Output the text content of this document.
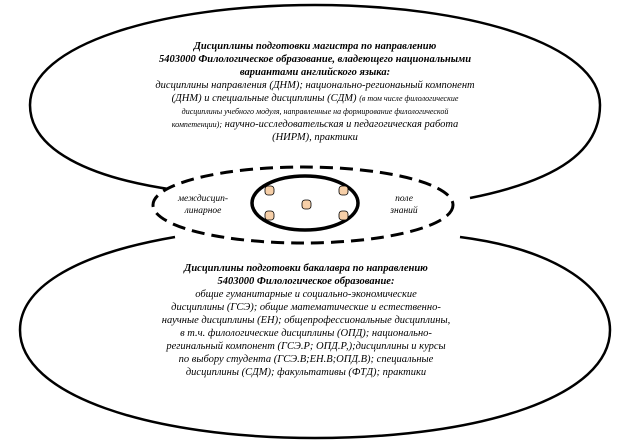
Дисциплины подготовки магистра по направлению
5403000 Филологическое образование, владеющего национальными
вариантами английского языка:
дисциплины направления (ДНМ); национально-регионаьный компонент
(ДНМ) и специальные дисциплины (СДМ) (в том числе филологические
дисциплины учебного модуля, направленные на формирование филологической
компетенции); научно-исследовательская и педагогическая работа
(НИРМ), практики
междисцип-
линарное
поле
знаний
Дисциплины подготовки бакалавра по направлению
5403000 Филологическое образование:
общие гуманитарные и социально-экономические
дисциплины (ГСЭ); общие математические и естественно-
научные дисциплины (ЕН); общепрофессиональные дисциплины,
в т.ч. филологические дисциплины (ОПД); национально-
регинальный компонент (ГСЭ.Р; ОПД.Р,);дисциплины и курсы
по выбору студента (ГСЭ.В;ЕН.В;ОПД.В); специальные
дисциплины (СДМ); факультативы (ФТД); практики
